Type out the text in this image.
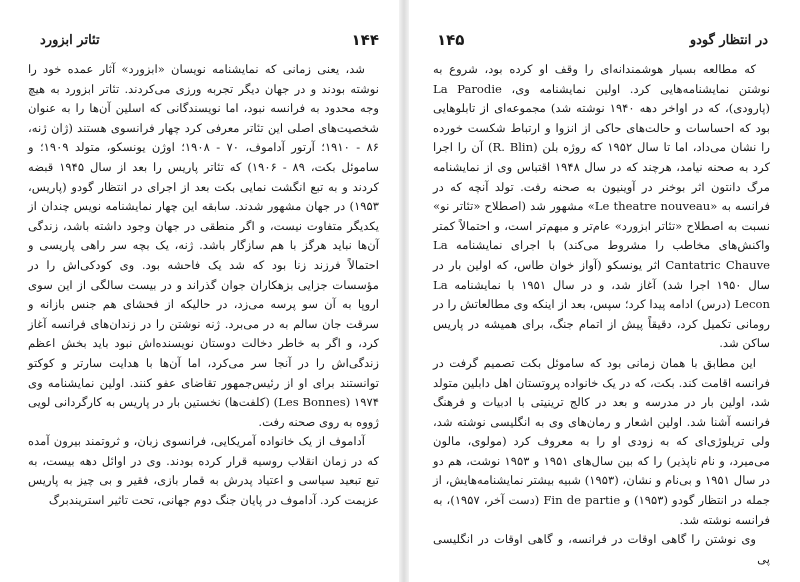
۱۴۴
تئاتر ابزورد

شد، یعنی زمانی که نمایشنامه نویسان «ابزورد» آثار عمده خود را نوشته بودند و در جهان دیگر تجربه ورزی می‌کردند. تئاتر ابزورد به هیچ وجه محدود به فرانسه نبود، اما نویسندگانی که اسلین آن‌ها را به عنوان شخصیت‌های اصلی این تئاتر معرفی کرد چهار فرانسوی هستند (ژان ژنه، ۸۶ - ۱۹۱۰؛ آرتور آداموف، ۷۰ - ۱۹۰۸؛ اوژن یونسکو، متولد ۱۹۰۹؛ و ساموئل بکت، ۸۹ - ۱۹۰۶) که تئاتر پاریس را بعد از سال ۱۹۴۵ قبضه کردند و به تبع انگشت نمایی بکت بعد از اجرای در انتظار گودو (پاریس، ۱۹۵۳) در جهان مشهور شدند. سابقه این چهار نمایشنامه نویس چندان از یکدیگر متفاوت نیست، و اگر منطقی در جهان وجود داشته باشد، زندگی آن‌ها نباید هرگز با هم سازگار باشد. ژنه، یک بچه سر راهی پاریسی و احتمالاً فرزند زنا بود که شد یک فاحشه بود. وی کودکی‌اش را در مؤسسات جزایی بزهکاران جوان گذراند و در بیست سالگی از این سوی اروپا به آن سو پرسه می‌زد، در حالیکه از فحشای هم جنس بازانه و سرقت جان سالم به در می‌برد. ژنه نوشتن را در زندان‌های فرانسه آغاز کرد، و اگر به خاطر دخالت دوستان نویسنده‌اش نبود باید بخش اعظم زندگی‌اش را در آنجا سر می‌کرد، اما آن‌ها با هدایت سارتر و کوکتو توانستند برای او از رئیس‌جمهور تقاضای عفو کنند. اولین نمایشنامه وی ۱۹۷۴ (Les Bonnes) (کلفت‌ها) نخستین بار در پاریس به کارگردانی لویی ژووه به روی صحنه رفت.

آداموف از یک خانواده آمریکایی، فرانسوی زبان، و ثروتمند بیرون آمده که در زمان انقلاب روسیه قرار کرده بودند. وی در اوائل دهه بیست، به تبع تبعید سیاسی و اعتیاد پدرش به قمار بازی، فقیر و بی چیز به پاریس عزیمت کرد. آداموف در پایان جنگ دوم جهانی، تحت تاثیر استریندبرگ

در انتظار گودو
۱۴۵

که مطالعه بسیار هوشمندانه‌ای را وقف او کرده بود، شروع به نوشتن نمایشنامه‌هایی کرد. اولین نمایشنامه وی، La Parodie (پارودی)، که در اواخر دهه ۱۹۴۰ نوشته شد) مجموعه‌ای از تابلوهایی بود که احساسات و حالت‌های حاکی از انزوا و ارتباط شکست خورده را نشان می‌داد، اما تا سال ۱۹۵۲ که روژه بلن (R. Blin) آن را اجرا کرد به صحنه نیامد، هرچند که در سال ۱۹۴۸ اقتباس وی از نمایشنامه مرگ دانتون اثر بوخنر در آوینیون به صحنه رفت. تولد آنچه که در فرانسه به «Le theatre nouveau» مشهور شد (اصطلاح «تئاتر نو» نسبت به اصطلاح «تئاتر ابزورد» عام‌تر و مبهم‌تر است، و احتمالاً کمتر واکنش‌های مخاطب را مشروط می‌کند) با اجرای نمایشنامه La Cantatric Chauve اثر یونسکو (آواز خوان طاس، که اولین بار در سال ۱۹۵۰ اجرا شد) آغاز شد، و در سال ۱۹۵۱ با نمایشنامه La Lecon (درس) ادامه پیدا کرد؛ سپس، بعد از اینکه وی مطالعاتش را در رومانی تکمیل کرد، دقیقاً پیش از اتمام جنگ، برای همیشه در پاریس ساکن شد.

این مطابق با همان زمانی بود که ساموئل بکت تصمیم گرفت در فرانسه اقامت کند. بکت، که در یک خانواده پروتستان اهل دابلین متولد شد، اولین بار در مدرسه و بعد در کالج ترینیتی با ادبیات و فرهنگ فرانسه آشنا شد. اولین اشعار و رمان‌های وی به انگلیسی نوشته شد، ولی تریلوژی‌ای که به زودی او را به معروف کرد (مولوی، مالون می‌میرد، و نام ناپذیر) را که بین سال‌های ۱۹۵۱ و ۱۹۵۳ نوشت، هم دو در سال ۱۹۵۱ و بی‌نام و نشان، (۱۹۵۳) شبیه بیشتر نمایشنامه‌هایش، از جمله در انتظار گودو (۱۹۵۳) و Fin de partie (دست آخر، ۱۹۵۷)، به فرانسه نوشته شد.

وی نوشتن را گاهی اوقات در فرانسه، و گاهی اوقات در انگلیسی پی
